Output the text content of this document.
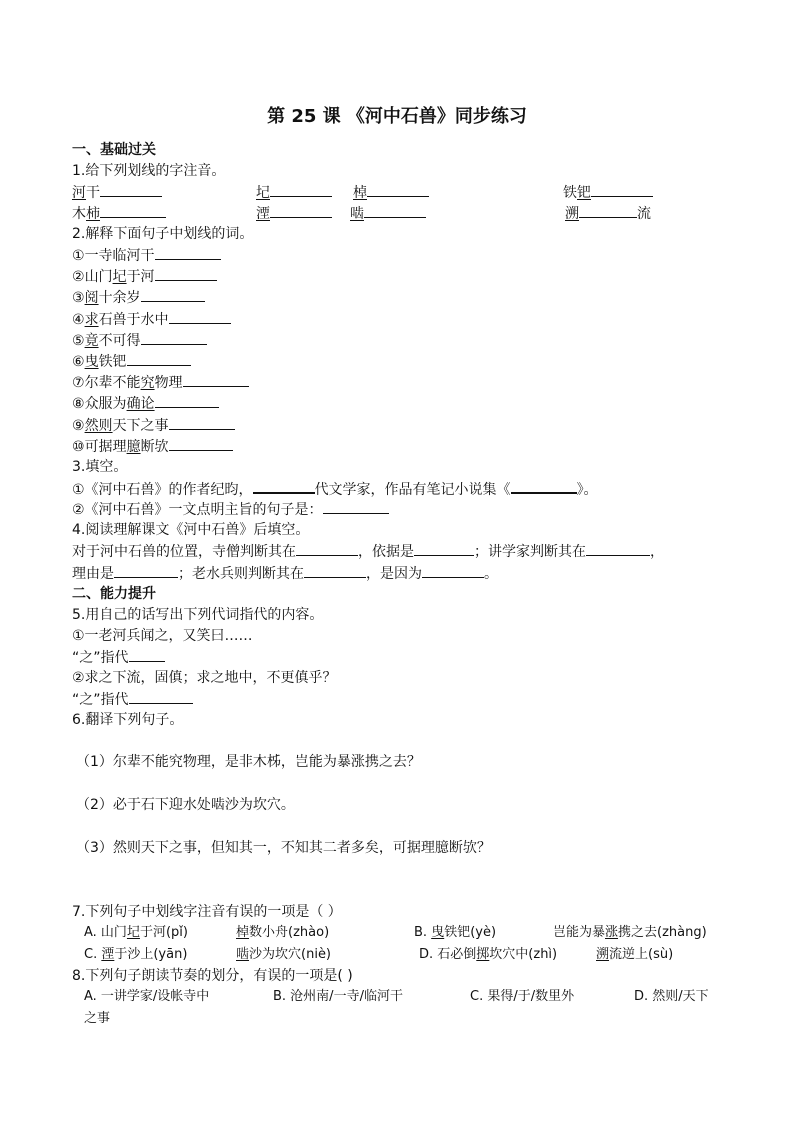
第 25 课 《河中石兽》同步练习
一、基础过关
1.给下列划线的字注音。
河干	圮	棹	铁钯
木柿	湮	啮	溯	流
2.解释下面句子中划线的词。
①一寺临河干
②山门圮于河
③阅十余岁
④求石兽于水中
⑤竟不可得
⑥曳铁钯
⑦尔辈不能究物理
⑧众服为确论
⑨然则天下之事
⑩可据理臆断欤
3.填空。
①《河中石兽》的作者纪昀，	代文学家，作品有笔记小说集《	》。
②《河中石兽》一文点明主旨的句子是：
4.阅读理解课文《河中石兽》后填空。
对于河中石兽的位置，寺僧判断其在	，依据是	；讲学家判断其在	，
理由是	；老水兵则判断其在	，是因为	。
二、能力提升
5.用自己的话写出下列代词指代的内容。
①一老河兵闻之，又笑曰……
“之”指代
②求之下流，固傎；求之地中，不更傎乎？
“之”指代
6.翻译下列句子。
（1）尔辈不能究物理，是非木柹，岂能为暴涨携之去？
（2）必于石下迎水处啮沙为坎穴。
（3）然则天下之事，但知其一，不知其二者多矣，可据理臆断欤？
7.下列句子中划线字注音有误的一项是（ ）
A. 山门圮于河(pǐ)	棹数小舟(zhào)	B. 曳铁钯(yè)	岂能为暴涨携之去(zhàng)
C. 湮于沙上(yān)	啮沙为坎穴(niè)	D. 石必倒掷坎穴中(zhì)	溯流逆上(sù)
8.下列句子朗读节奏的划分，有误的一项是( )
A. 一讲学家/设帐寺中	B. 沧州南/一寺/临河干	C. 果得/于/数里外	D. 然则/天下
之事
